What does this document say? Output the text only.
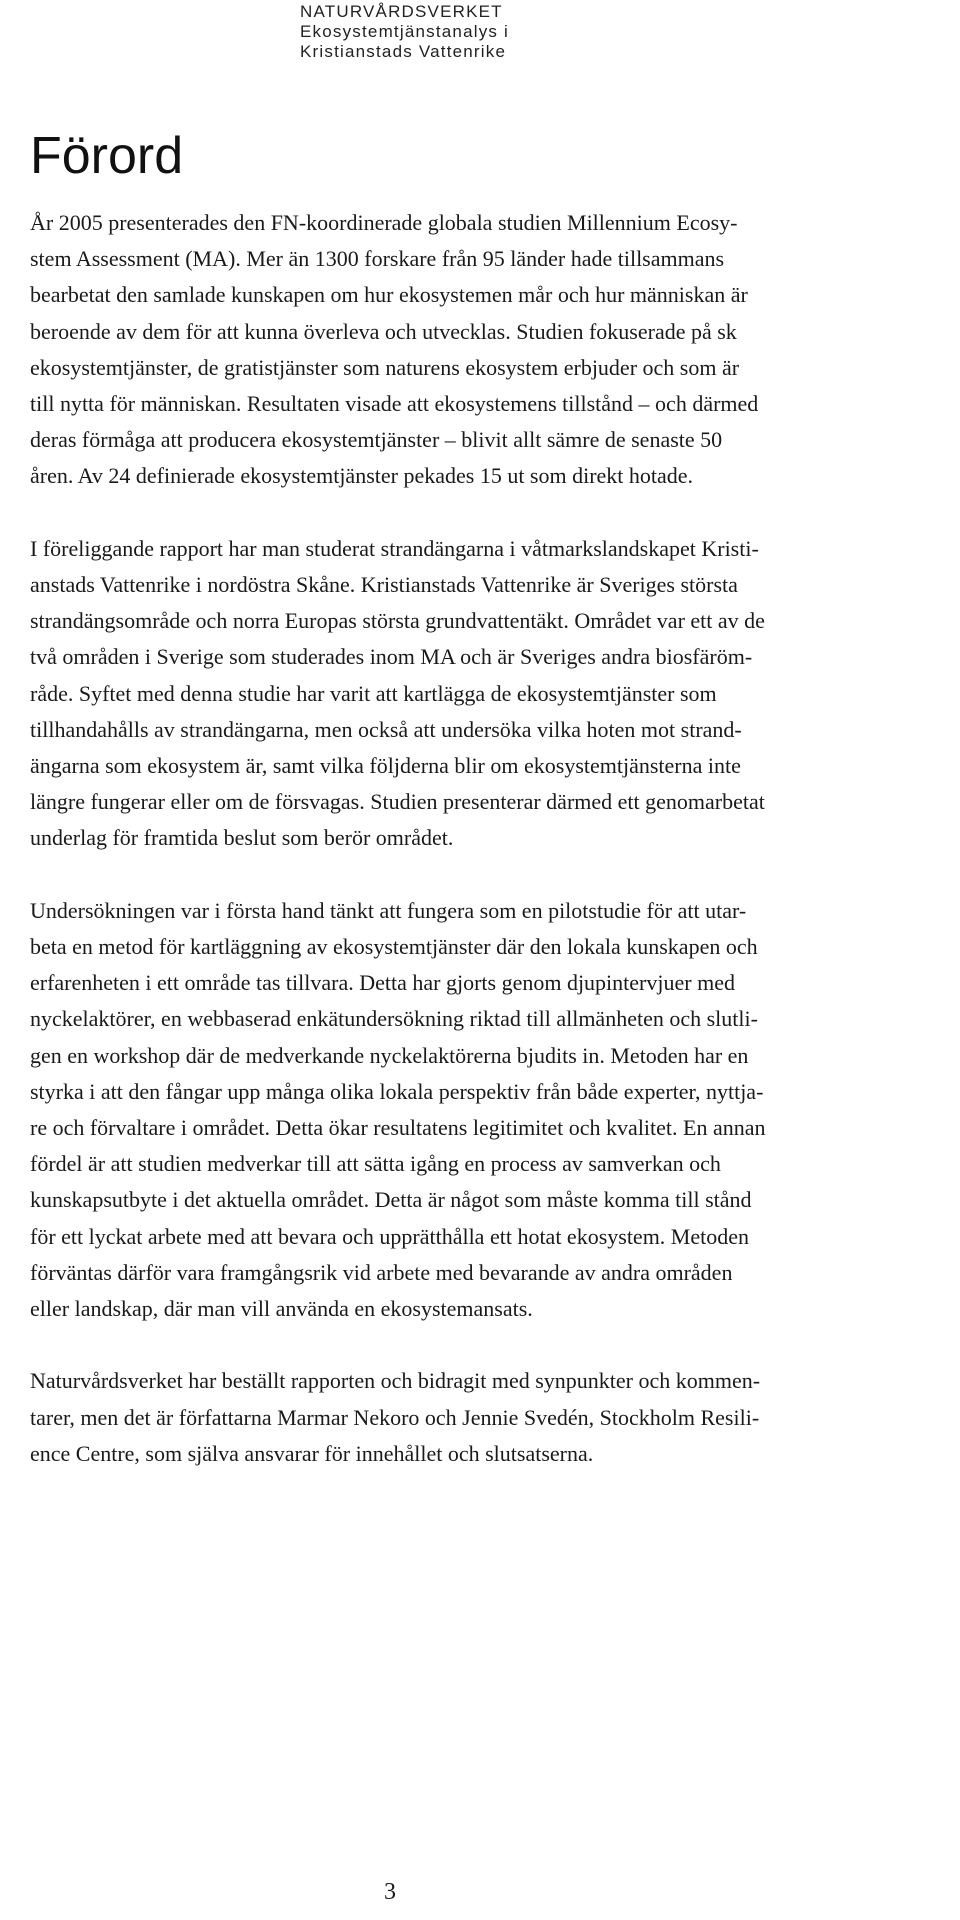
NATURVÅRDSVERKET
Ekosystemtjänstanalys i
Kristianstads Vattenrike
Förord
År 2005 presenterades den FN-koordinerade globala studien Millennium Ecosy-
stem Assessment (MA). Mer än 1300 forskare från 95 länder hade tillsammans
bearbetat den samlade kunskapen om hur ekosystemen mår och hur människan är
beroende av dem för att kunna överleva och utvecklas. Studien fokuserade på sk
ekosystemtjänster, de gratistjänster som naturens ekosystem erbjuder och som är
till nytta för människan. Resultaten visade att ekosystemens tillstånd – och därmed
deras förmåga att producera ekosystemtjänster – blivit allt sämre de senaste 50
åren. Av 24 definierade ekosystemtjänster pekades 15 ut som direkt hotade.
I föreliggande rapport har man studerat strandängarna i våtmarkslandskapet Kristi-
anstads Vattenrike i nordöstra Skåne. Kristianstads Vattenrike är Sveriges största
strandängsområde och norra Europas största grundvattentäkt. Området var ett av de
två områden i Sverige som studerades inom MA och är Sveriges andra biosfäröm-
råde. Syftet med denna studie har varit att kartlägga de ekosystemtjänster som
tillhandahålls av strandängarna, men också att undersöka vilka hoten mot strand-
ängarna som ekosystem är, samt vilka följderna blir om ekosystemtjänsterna inte
längre fungerar eller om de försvagas. Studien presenterar därmed ett genomarbetat
underlag för framtida beslut som berör området.
Undersökningen var i första hand tänkt att fungera som en pilotstudie för att utar-
beta en metod för kartläggning av ekosystemtjänster där den lokala kunskapen och
erfarenheten i ett område tas tillvara. Detta har gjorts genom djupintervjuer med
nyckelaktörer, en webbaserad enkätundersökning riktad till allmänheten och slutli-
gen en workshop där de medverkande nyckelaktörerna bjudits in. Metoden har en
styrka i att den fångar upp många olika lokala perspektiv från både experter, nyttja-
re och förvaltare i området. Detta ökar resultatens legitimitet och kvalitet. En annan
fördel är att studien medverkar till att sätta igång en process av samverkan och
kunskapsutbyte i det aktuella området. Detta är något som måste komma till stånd
för ett lyckat arbete med att bevara och upprätthålla ett hotat ekosystem. Metoden
förväntas därför vara framgångsrik vid arbete med bevarande av andra områden
eller landskap, där man vill använda en ekosystemansats.
Naturvårdsverket har beställt rapporten och bidragit med synpunkter och kommen-
tarer, men det är författarna Marmar Nekoro och Jennie Svedén, Stockholm Resili-
ence Centre, som själva ansvarar för innehållet och slutsatserna.
3
